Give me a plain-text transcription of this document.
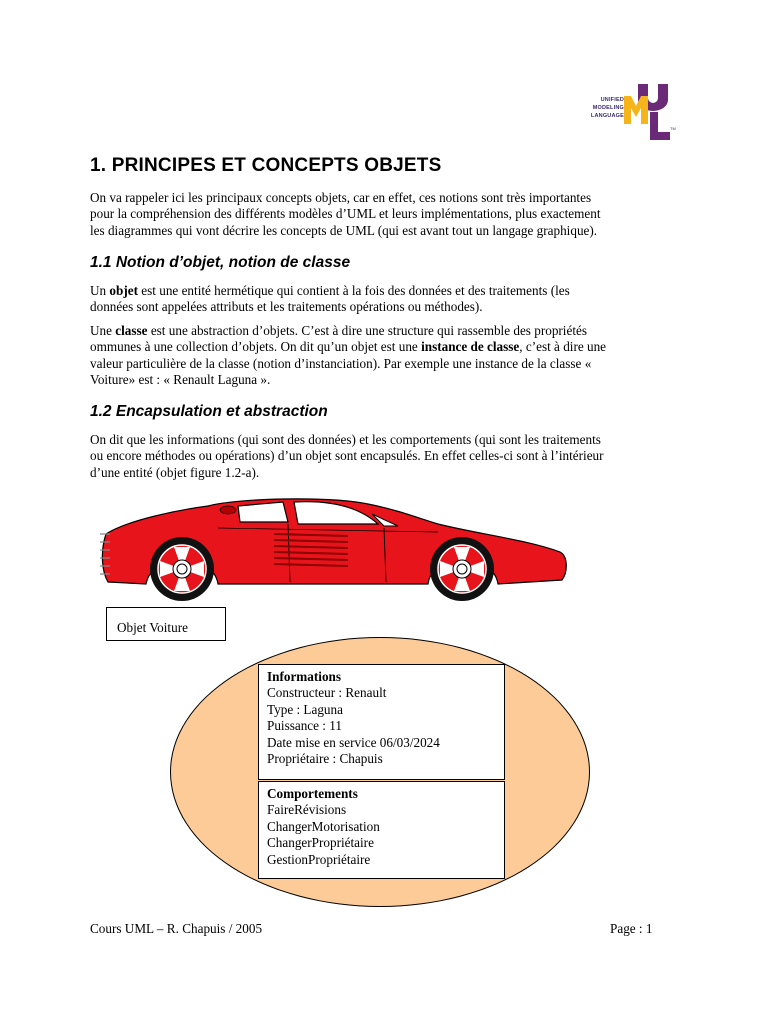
UNIFIED
MODELING
LANGUAGE
TM
1. PRINCIPES ET CONCEPTS OBJETS

On va rappeler ici les principaux concepts objets, car en effet, ces notions sont très importantes
pour la compréhension des différents modèles d’UML et leurs implémentations, plus exactement
les diagrammes qui vont décrire les concepts de UML (qui est avant tout un langage graphique).

1.1 Notion d’objet, notion de classe

Un objet est une entité hermétique qui contient à la fois des données et des traitements (les
données sont appelées attributs et les traitements opérations ou méthodes).

Une classe est une abstraction d’objets. C’est à dire une structure qui rassemble des propriétés
ommunes à une collection d’objets. On dit qu’un objet est une instance de classe, c’est à dire une
valeur particulière de la classe (notion d’instanciation). Par exemple une instance de la classe «
Voiture» est : « Renault Laguna ».

1.2 Encapsulation et abstraction

On dit que les informations (qui sont des données) et les comportements (qui sont les traitements
ou encore méthodes ou opérations) d’un objet sont encapsulés. En effet celles-ci sont à l’intérieur
d’une entité (objet figure 1.2-a).

Objet Voiture
Informations
Constructeur : Renault
Type : Laguna
Puissance : 11
Date mise en service 06/03/2024
Propriétaire : Chapuis
Comportements
FaireRévisions
ChangerMotorisation
ChangerPropriétaire
GestionPropriétaire
Cours UML – R. Chapuis / 2005	Page : 1
